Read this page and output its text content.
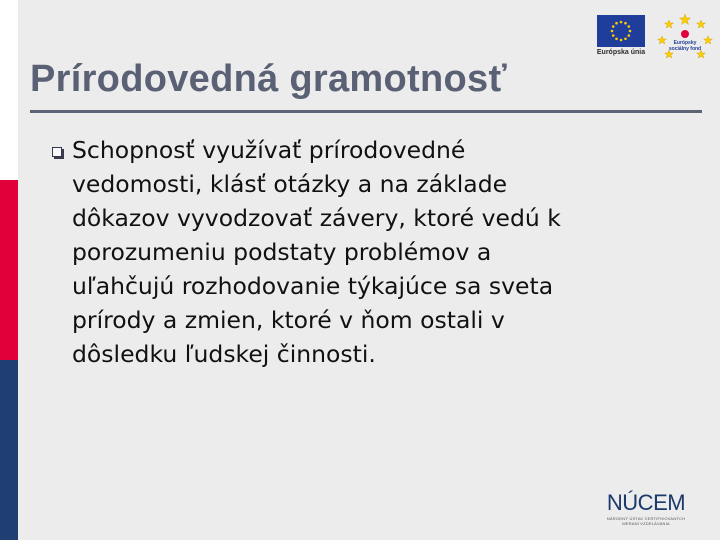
Prírodovedná gramotnosť

Schopnosť využívať prírodovedné
vedomosti, klásť otázky a na základe
dôkazov vyvodzovať závery, ktoré vedú k
porozumeniu podstaty problémov a
uľahčujú rozhodovanie týkajúce sa sveta
prírody a zmien, ktoré v ňom ostali v
dôsledku ľudskej činnosti.

Európska únia
Európsky sociálny fond
NÚCEM
NÁRODNÝ ÚSTAV CERTIFIKOVANÝCH MERANÍ VZDELÁVANIA
